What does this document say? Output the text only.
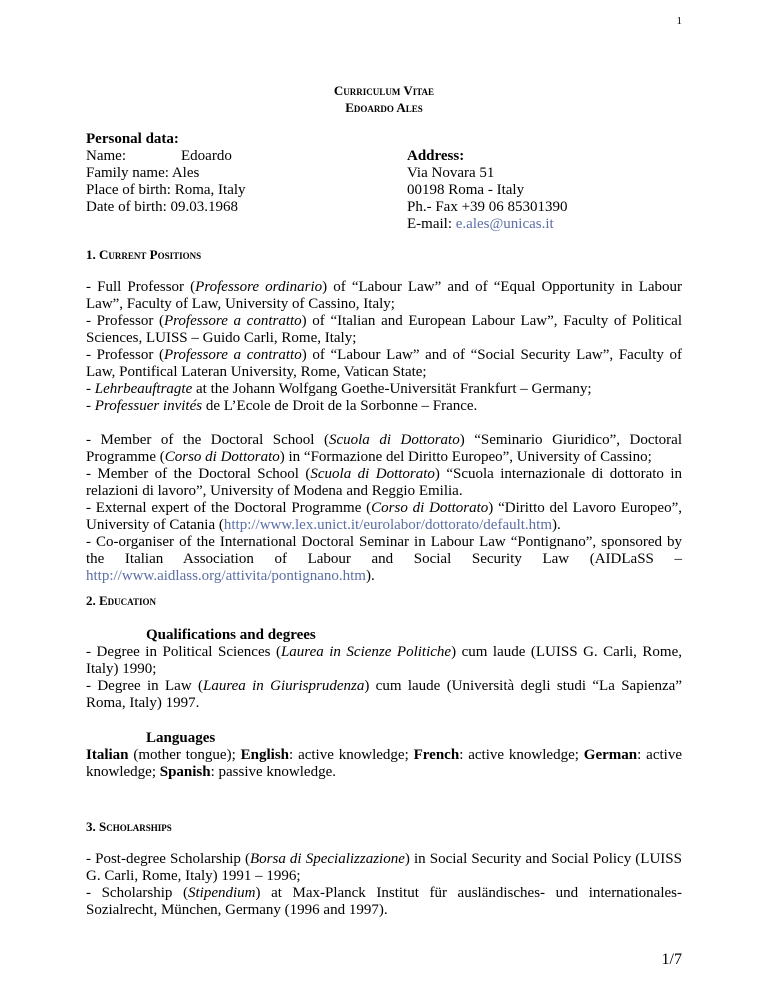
1
Curriculum Vitae
Edoardo Ales
Personal data:
Name:	Edoardo
Family name: Ales
Place of birth: Roma, Italy
Date of birth: 09.03.1968
Address:
Via Novara 51
00198 Roma - Italy
Ph.- Fax +39 06 85301390
E-mail: e.ales@unicas.it
1. Current Positions

- Full Professor (Professore ordinario) of “Labour Law” and of “Equal Opportunity in Labour Law”, Faculty of Law, University of Cassino, Italy;

- Professor (Professore a contratto) of “Italian and European Labour Law”, Faculty of Political Sciences, LUISS – Guido Carli, Rome, Italy;

- Professor (Professore a contratto) of “Labour Law” and of “Social Security Law”, Faculty of Law, Pontifical Lateran University, Rome, Vatican State;

- Lehrbeauftragte at the Johann Wolfgang Goethe-Universität Frankfurt – Germany;

- Professuer invités de L’Ecole de Droit de la Sorbonne – France.

- Member of the Doctoral School (Scuola di Dottorato) “Seminario Giuridico”, Doctoral Programme (Corso di Dottorato) in “Formazione del Diritto Europeo”, University of Cassino;

- Member of the Doctoral School (Scuola di Dottorato) “Scuola internazionale di dottorato in relazioni di lavoro”, University of Modena and Reggio Emilia.

- External expert of the Doctoral Programme (Corso di Dottorato) “Diritto del Lavoro Europeo”, University of Catania (http://www.lex.unict.it/eurolabor/dottorato/default.htm).

- Co-organiser of the International Doctoral Seminar in Labour Law “Pontignano”, sponsored by the Italian Association of Labour and Social Security Law (AIDLaSS – http://www.aidlass.org/attivita/pontignano.htm).

2. Education
Qualifications and degrees

- Degree in Political Sciences (Laurea in Scienze Politiche) cum laude (LUISS G. Carli, Rome, Italy) 1990;

- Degree in Law (Laurea in Giurisprudenza) cum laude (Università degli studi “La Sapienza” Roma, Italy) 1997.

Languages

Italian (mother tongue); English: active knowledge; French: active knowledge; German: active knowledge; Spanish: passive knowledge.

3. Scholarships

- Post-degree Scholarship (Borsa di Specializzazione) in Social Security and Social Policy (LUISS G. Carli, Rome, Italy) 1991 – 1996;

- Scholarship (Stipendium) at Max-Planck Institut für ausländisches- und internationales-Sozialrecht, München, Germany (1996 and 1997).

1/7
